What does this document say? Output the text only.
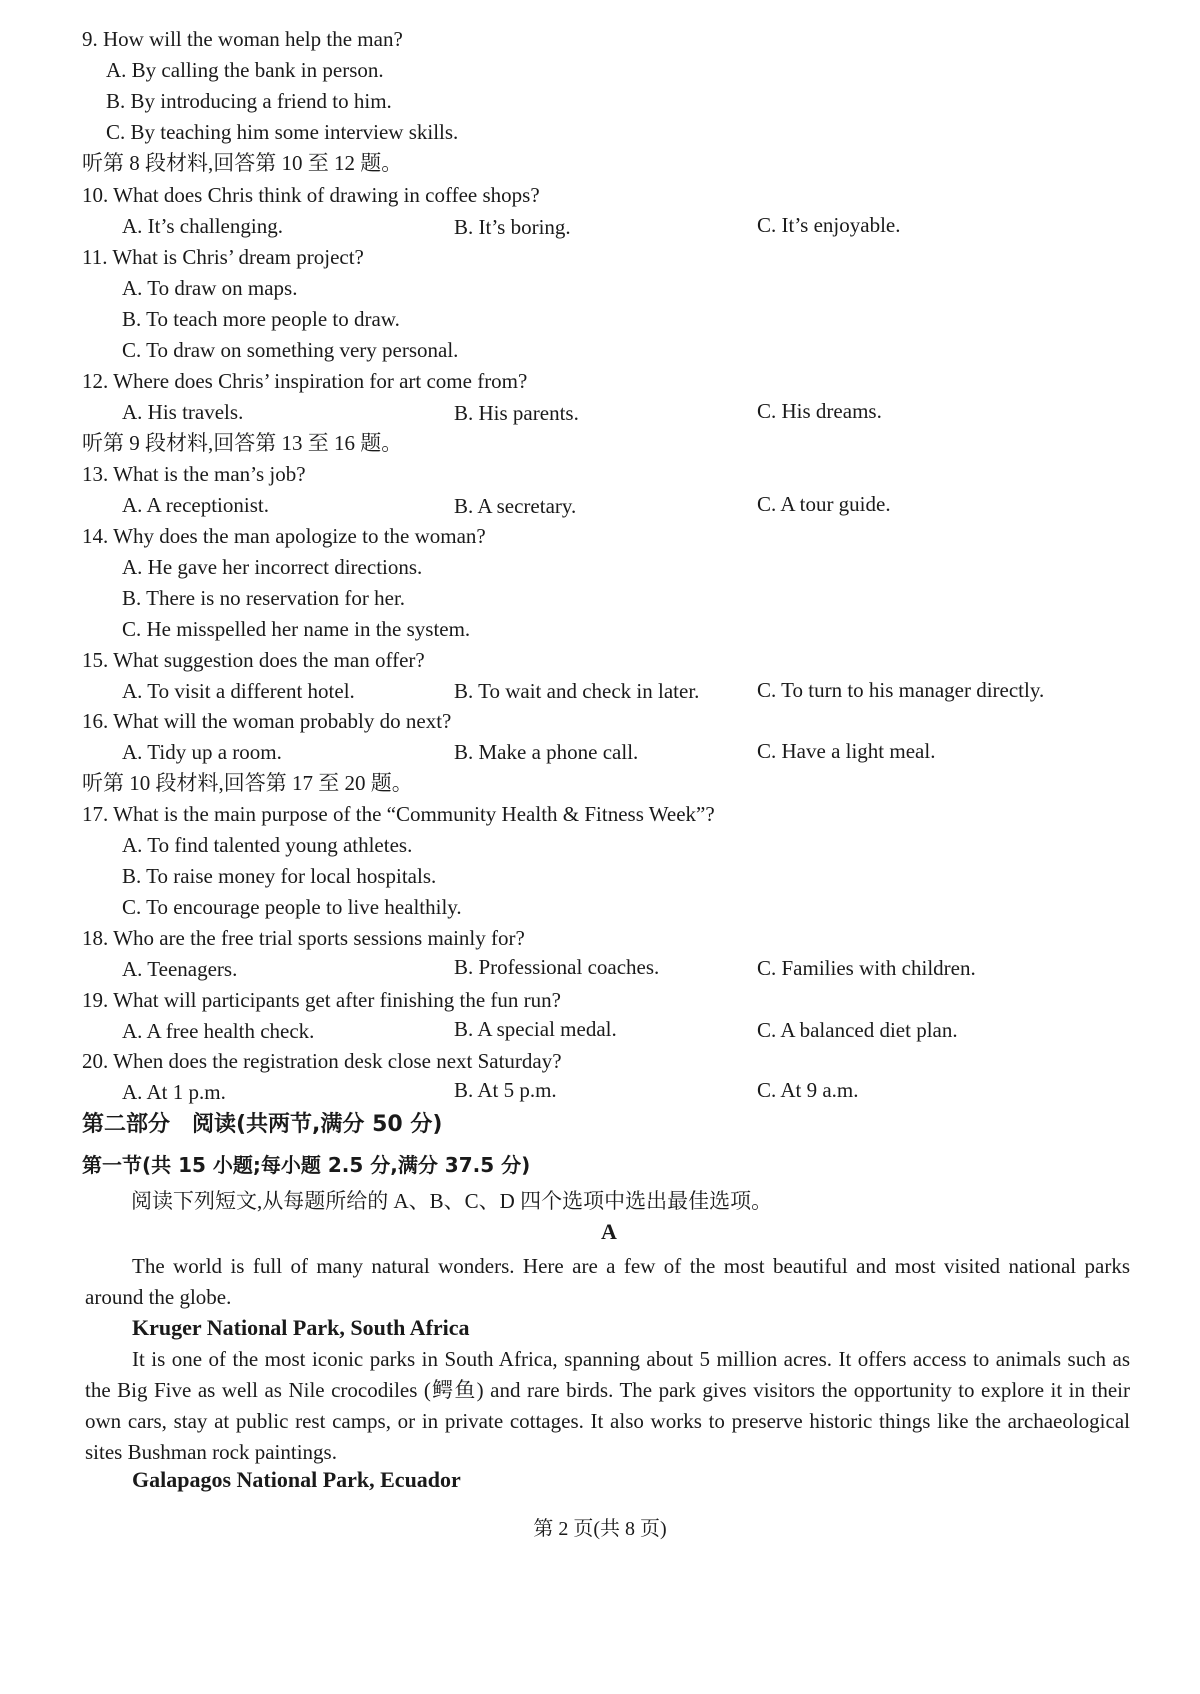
9. How will the woman help the man?
A. By calling the bank in person.
B. By introducing a friend to him.
C. By teaching him some interview skills.
听第 8 段材料,回答第 10 至 12 题。
10. What does Chris think of drawing in coffee shops?
A. It’s challenging.	B. It’s boring.	C. It’s enjoyable.
11. What is Chris’ dream project?
A. To draw on maps.
B. To teach more people to draw.
C. To draw on something very personal.
12. Where does Chris’ inspiration for art come from?
A. His travels.	B. His parents.	C. His dreams.
听第 9 段材料,回答第 13 至 16 题。
13. What is the man’s job?
A. A receptionist.	B. A secretary.	C. A tour guide.
14. Why does the man apologize to the woman?
A. He gave her incorrect directions.
B. There is no reservation for her.
C. He misspelled her name in the system.
15. What suggestion does the man offer?
A. To visit a different hotel.	B. To wait and check in later.	C. To turn to his manager directly.
16. What will the woman probably do next?
A. Tidy up a room.	B. Make a phone call.	C. Have a light meal.
听第 10 段材料,回答第 17 至 20 题。
17. What is the main purpose of the “Community Health & Fitness Week”?
A. To find talented young athletes.
B. To raise money for local hospitals.
C. To encourage people to live healthily.
18. Who are the free trial sports sessions mainly for?
A. Teenagers.	B. Professional coaches.	C. Families with children.
19. What will participants get after finishing the fun run?
A. A free health check.	B. A special medal.	C. A balanced diet plan.
20. When does the registration desk close next Saturday?
A. At 1 p.m.	B. At 5 p.m.	C. At 9 a.m.
第二部分　阅读(共两节,满分 50 分)
第一节(共 15 小题;每小题 2.5 分,满分 37.5 分)
阅读下列短文,从每题所给的 A、B、C、D 四个选项中选出最佳选项。
A
The world is full of many natural wonders. Here are a few of the most beautiful and most visited national parks around the globe.
Kruger National Park, South Africa
It is one of the most iconic parks in South Africa, spanning about 5 million acres. It offers access to animals such as the Big Five as well as Nile crocodiles (鳄鱼) and rare birds. The park gives visitors the opportunity to explore it in their own cars, stay at public rest camps, or in private cottages. It also works to preserve historic things like the archaeological sites Bushman rock paintings.
Galapagos National Park, Ecuador
第 2 页(共 8 页)
